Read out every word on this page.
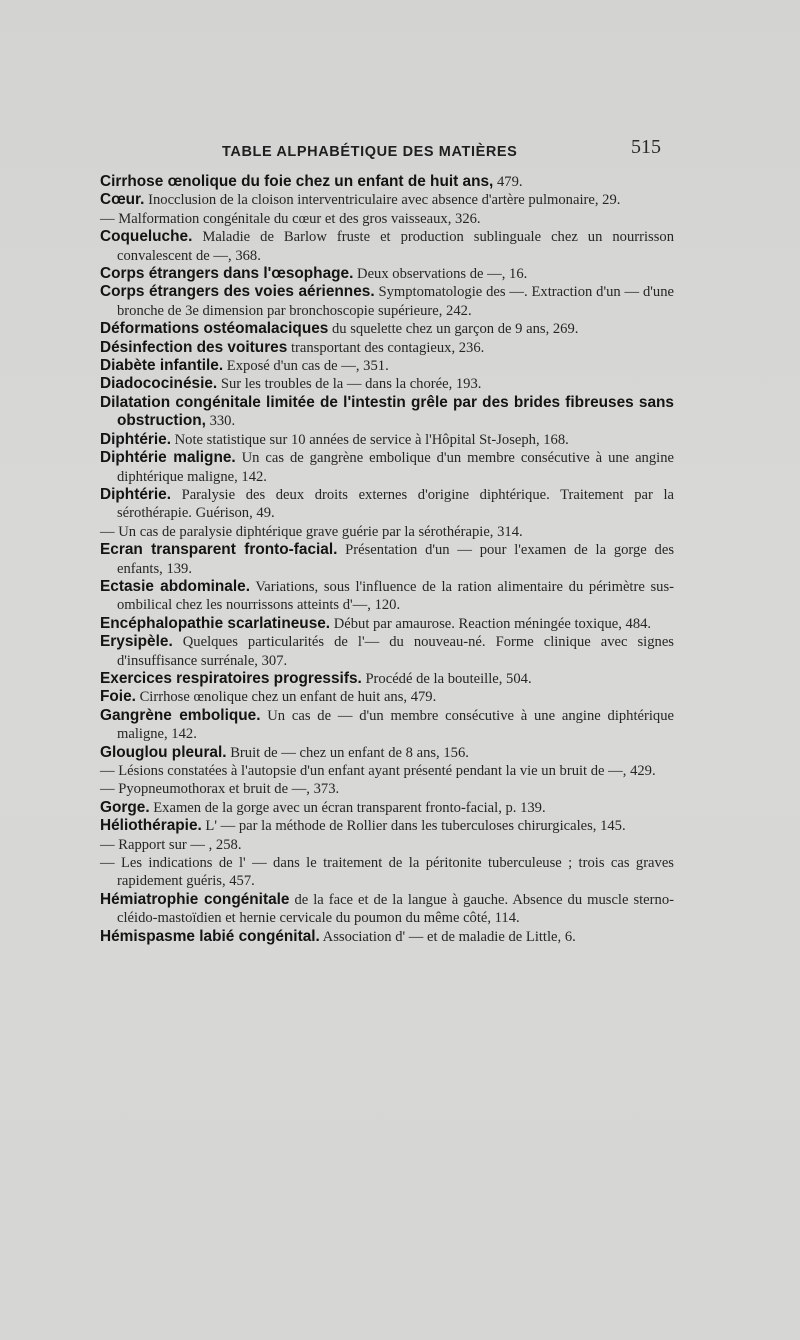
TABLE ALPHABÉTIQUE DES MATIÈRES	515

Cirrhose œnolique du foie chez un enfant de huit ans, 479.

Cœur. Inocclusion de la cloison interventriculaire avec absence d'artère pulmonaire, 29.

— Malformation congénitale du cœur et des gros vaisseaux, 326.

Coqueluche. Maladie de Barlow fruste et production sublinguale chez un nourrisson convalescent de —, 368.

Corps étrangers dans l'œsophage. Deux observations de —, 16.

Corps étrangers des voies aériennes. Symptomatologie des —. Extraction d'un — d'une bronche de 3e dimension par bronchoscopie supérieure, 242.

Déformations ostéomalaciques du squelette chez un garçon de 9 ans, 269.

Désinfection des voitures transportant des contagieux, 236.

Diabète infantile. Exposé d'un cas de —, 351.

Diadococinésie. Sur les troubles de la — dans la chorée, 193.

Dilatation congénitale limitée de l'intestin grêle par des brides fibreuses sans obstruction, 330.

Diphtérie. Note statistique sur 10 années de service à l'Hôpital St-Joseph, 168.

Diphtérie maligne. Un cas de gangrène embolique d'un membre consécutive à une angine diphtérique maligne, 142.

Diphtérie. Paralysie des deux droits externes d'origine diphtérique. Traitement par la sérothérapie. Guérison, 49.

— Un cas de paralysie diphtérique grave guérie par la sérothérapie, 314.

Ecran transparent fronto-facial. Présentation d'un — pour l'examen de la gorge des enfants, 139.

Ectasie abdominale. Variations, sous l'influence de la ration alimentaire du périmètre sus-ombilical chez les nourrissons atteints d'—, 120.

Encéphalopathie scarlatineuse. Début par amaurose. Reaction méningée toxique, 484.

Erysipèle. Quelques particularités de l'— du nouveau-né. Forme clinique avec signes d'insuffisance surrénale, 307.

Exercices respiratoires progressifs. Procédé de la bouteille, 504.

Foie. Cirrhose œnolique chez un enfant de huit ans, 479.

Gangrène embolique. Un cas de — d'un membre consécutive à une angine diphtérique maligne, 142.

Glouglou pleural. Bruit de — chez un enfant de 8 ans, 156.

— Lésions constatées à l'autopsie d'un enfant ayant présenté pendant la vie un bruit de —, 429.

— Pyopneumothorax et bruit de —, 373.

Gorge. Examen de la gorge avec un écran transparent fronto-facial, p. 139.

Héliothérapie. L' — par la méthode de Rollier dans les tuberculoses chirurgicales, 145.

— Rapport sur — , 258.

— Les indications de l' — dans le traitement de la péritonite tuberculeuse ; trois cas graves rapidement guéris, 457.

Hémiatrophie congénitale de la face et de la langue à gauche. Absence du muscle sterno-cléido-mastoïdien et hernie cervicale du poumon du même côté, 114.

Hémispasme labié congénital. Association d' — et de maladie de Little, 6.
